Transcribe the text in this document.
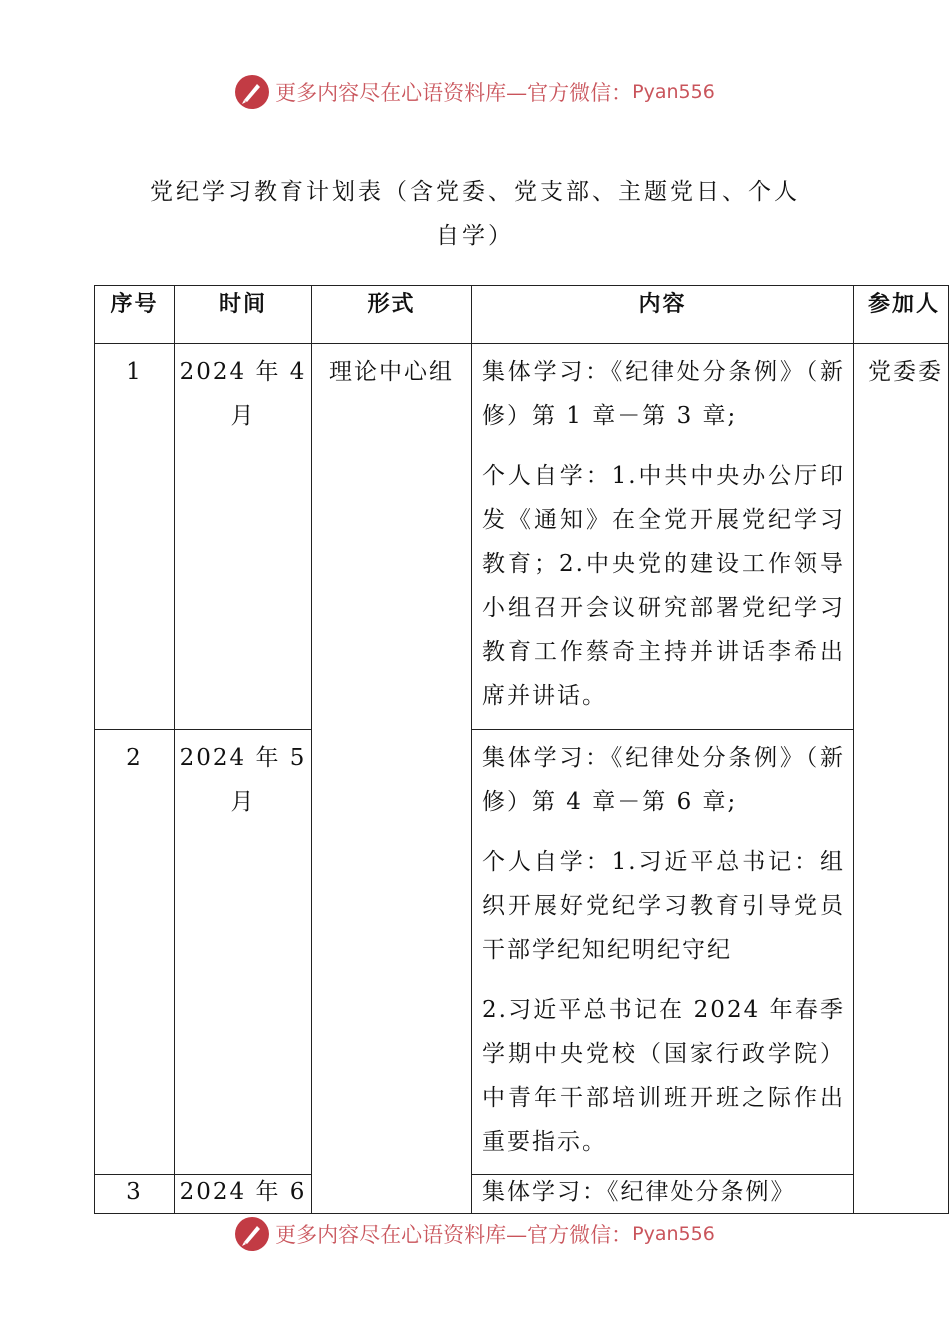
更多内容尽在心语资料库—官方微信： Pyan556
党纪学习教育计划表（含党委、党支部、主题党日、个人
自学）
序号	时间	形式	内容	参加人
1	2024 年 4 月	理论中心组	集体学习：《纪律处分条例》（新修）第 1 章－第 3 章;

个人自学：1.中共中央办公厅印发《通知》在全党开展党纪学习教育；2.中央党的建设工作领导小组召开会议研究部署党纪学习教育工作蔡奇主持并讲话李希出席并讲话。	党委委
2	2024 年 5 月		集体学习：《纪律处分条例》（新修）第 4 章－第 6 章;

个人自学：1.习近平总书记：组织开展好党纪学习教育引导党员干部学纪知纪明纪守纪

2.习近平总书记在 2024 年春季学期中央党校（国家行政学院）中青年干部培训班开班之际作出重要指示。	

3	2024 年 6		集体学习：《纪律处分条例》	

更多内容尽在心语资料库—官方微信： Pyan556
